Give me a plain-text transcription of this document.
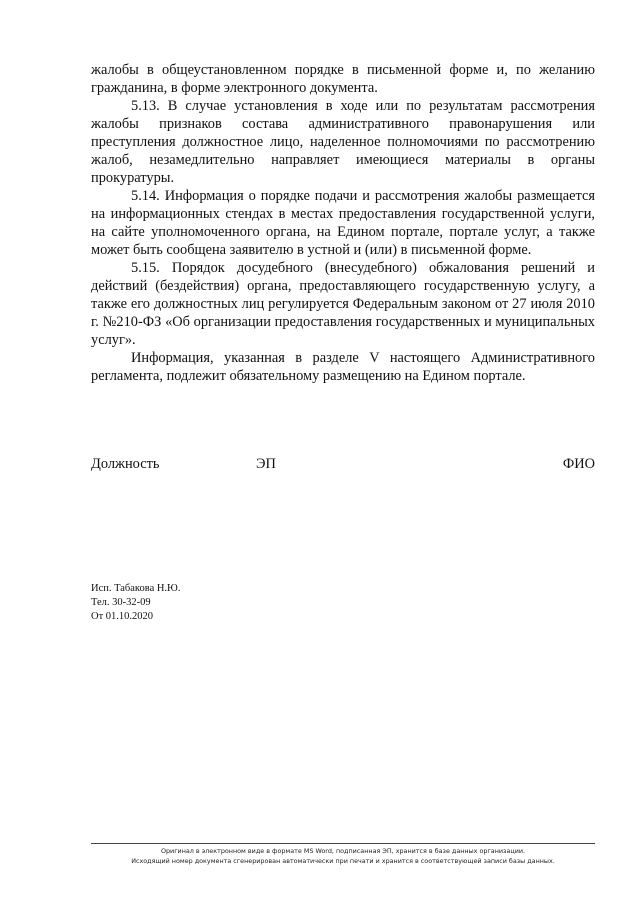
жалобы в общеустановленном порядке в письменной форме и, по желанию гражданина, в форме электронного документа.

5.13. В случае установления в ходе или по результатам рассмотрения жалобы признаков состава административного правонарушения или преступления должностное лицо, наделенное полномочиями по рассмотрению жалоб, незамедлительно направляет имеющиеся материалы в органы прокуратуры.

5.14. Информация о порядке подачи и рассмотрения жалобы размещается на информационных стендах в местах предоставления государственной услуги, на сайте уполномоченного органа, на Едином портале, портале услуг, а также может быть сообщена заявителю в устной и (или) в письменной форме.

5.15. Порядок досудебного (внесудебного) обжалования решений и действий (бездействия) органа, предоставляющего государственную услугу, а также его должностных лиц регулируется Федеральным законом от 27 июля 2010 г. №210-ФЗ «Об организации предоставления государственных и муниципальных услуг».

Информация, указанная в разделе V настоящего Административного регламента, подлежит обязательному размещению на Едином портале.

Должность	ЭП	ФИО
Исп. Табакова Н.Ю.
Тел. 30-32-09
От 01.10.2020
Оригинал в электронном виде в формате MS Word, подписанная ЭП, хранится в базе данных организации.
Исходящий номер документа сгенерирован автоматически при печати и хранится в соответствующей записи базы данных.
